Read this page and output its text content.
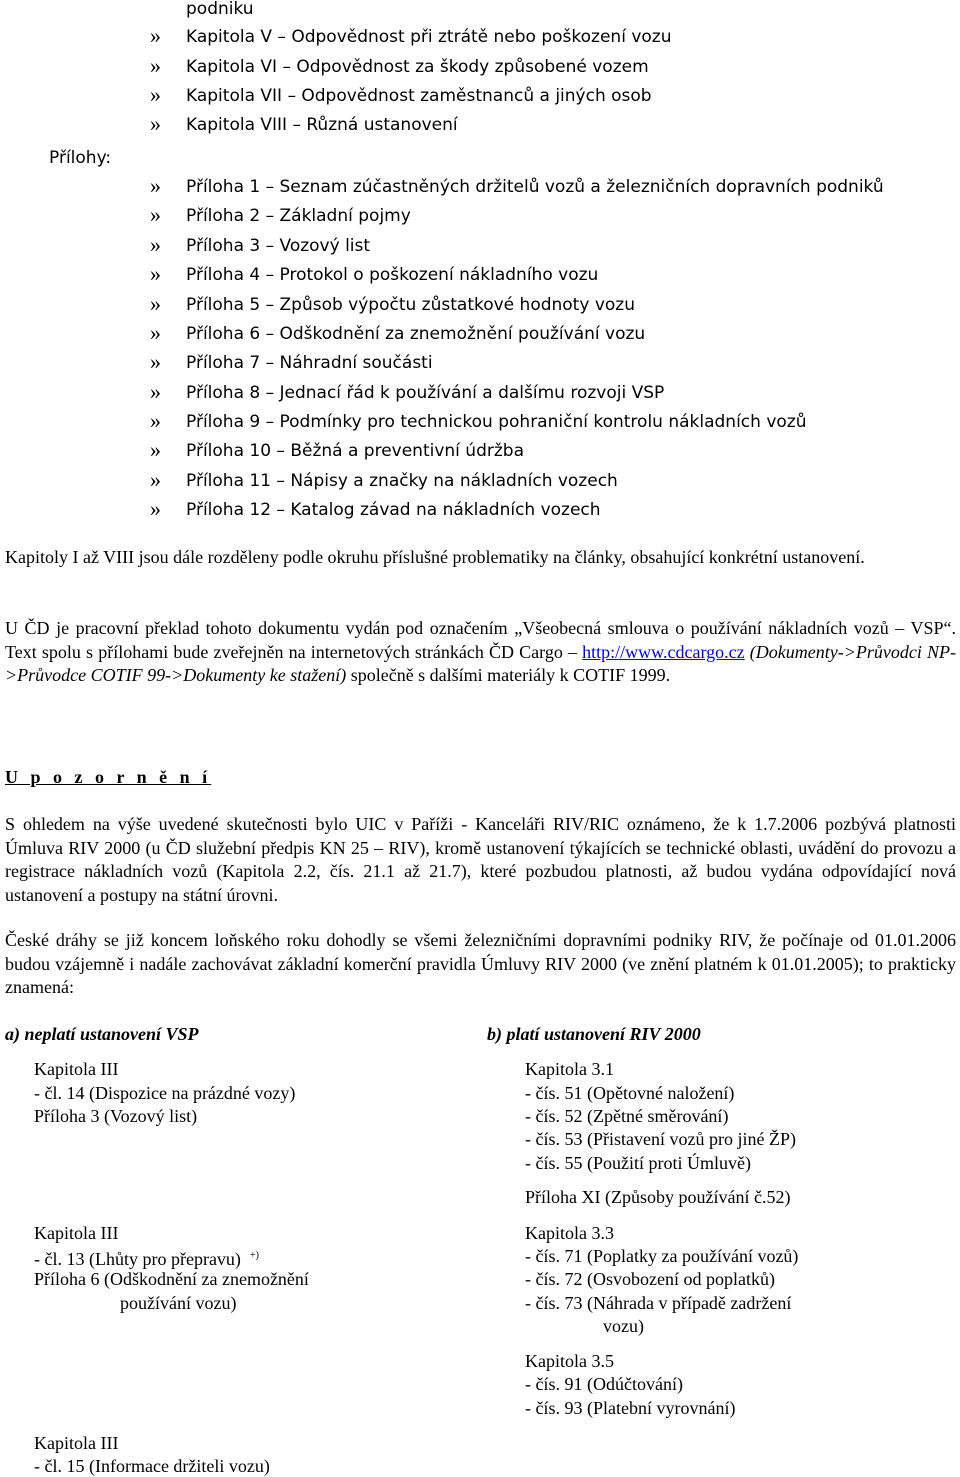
podniku
» Kapitola V – Odpovědnost při ztrátě nebo poškození vozu
» Kapitola VI – Odpovědnost za škody způsobené vozem
» Kapitola VII – Odpovědnost zaměstnanců a jiných osob
» Kapitola VIII – Různá ustanovení
Přílohy:
» Příloha 1 – Seznam zúčastněných držitelů vozů a železničních dopravních podniků
» Příloha 2 – Základní pojmy
» Příloha 3 – Vozový list
» Příloha 4 – Protokol o poškození nákladního vozu
» Příloha 5 – Způsob výpočtu zůstatkové hodnoty vozu
» Příloha 6 – Odškodnění za znemožnění používání vozu
» Příloha 7 – Náhradní součásti
» Příloha 8 – Jednací řád k používání a dalšímu rozvoji VSP
» Příloha 9 – Podmínky pro technickou pohraniční kontrolu nákladních vozů
» Příloha 10 – Běžná a preventivní údržba
» Příloha 11 – Nápisy a značky na nákladních vozech
» Příloha 12 – Katalog závad na nákladních vozech
Kapitoly I až VIII jsou dále rozděleny podle okruhu příslušné problematiky na články, obsahující konkrétní ustanovení.
U ČD je pracovní překlad tohoto dokumentu vydán pod označením „Všeobecná smlouva o používání nákladních vozů – VSP“. Text spolu s přílohami bude zveřejněn na internetových stránkách ČD Cargo – http://www.cdcargo.cz (Dokumenty->Průvodci NP->Průvodce COTIF 99->Dokumenty ke stažení) společně s dalšími materiály k COTIF 1999.
U p o z o r n ě n í
S ohledem na výše uvedené skutečnosti bylo UIC v Paříži - Kanceláři RIV/RIC oznámeno, že k 1.7.2006 pozbývá platnosti Úmluva RIV 2000 (u ČD služební předpis KN 25 – RIV), kromě ustanovení týkajících se technické oblasti, uvádění do provozu a registrace nákladních vozů (Kapitola 2.2, čís. 21.1 až 21.7), které pozbudou platnosti, až budou vydána odpovídající nová ustanovení a postupy na státní úrovni.
České dráhy se již koncem loňského roku dohodly se všemi železničními dopravními podniky RIV, že počínaje od 01.01.2006 budou vzájemně i nadále zachovávat základní komerční pravidla Úmluvy RIV 2000 (ve znění platném k 01.01.2005); to prakticky znamená:
a) neplatí ustanovení VSP	b) platí ustanovení RIV 2000
Kapitola III
- čl. 14 (Dispozice na prázdné vozy)
Příloha 3 (Vozový list)
Kapitola III
- čl. 13 (Lhůty pro přepravu) +)
Příloha 6 (Odškodnění za znemožnění
používání vozu)
Kapitola III
- čl. 15 (Informace držiteli vozu)
Kapitola 3.1
- čís. 51 (Opětovné naložení)
- čís. 52 (Zpětné směrování)
- čís. 53 (Přistavení vozů pro jiné ŽP)
- čís. 55 (Použití proti Úmluvě)
Příloha XI (Způsoby používání č.52)
Kapitola 3.3
- čís. 71 (Poplatky za používání vozů)
- čís. 72 (Osvobození od poplatků)
- čís. 73 (Náhrada v případě zadržení
vozu)
Kapitola 3.5
- čís. 91 (Odúčtování)
- čís. 93 (Platební vyrovnání)
